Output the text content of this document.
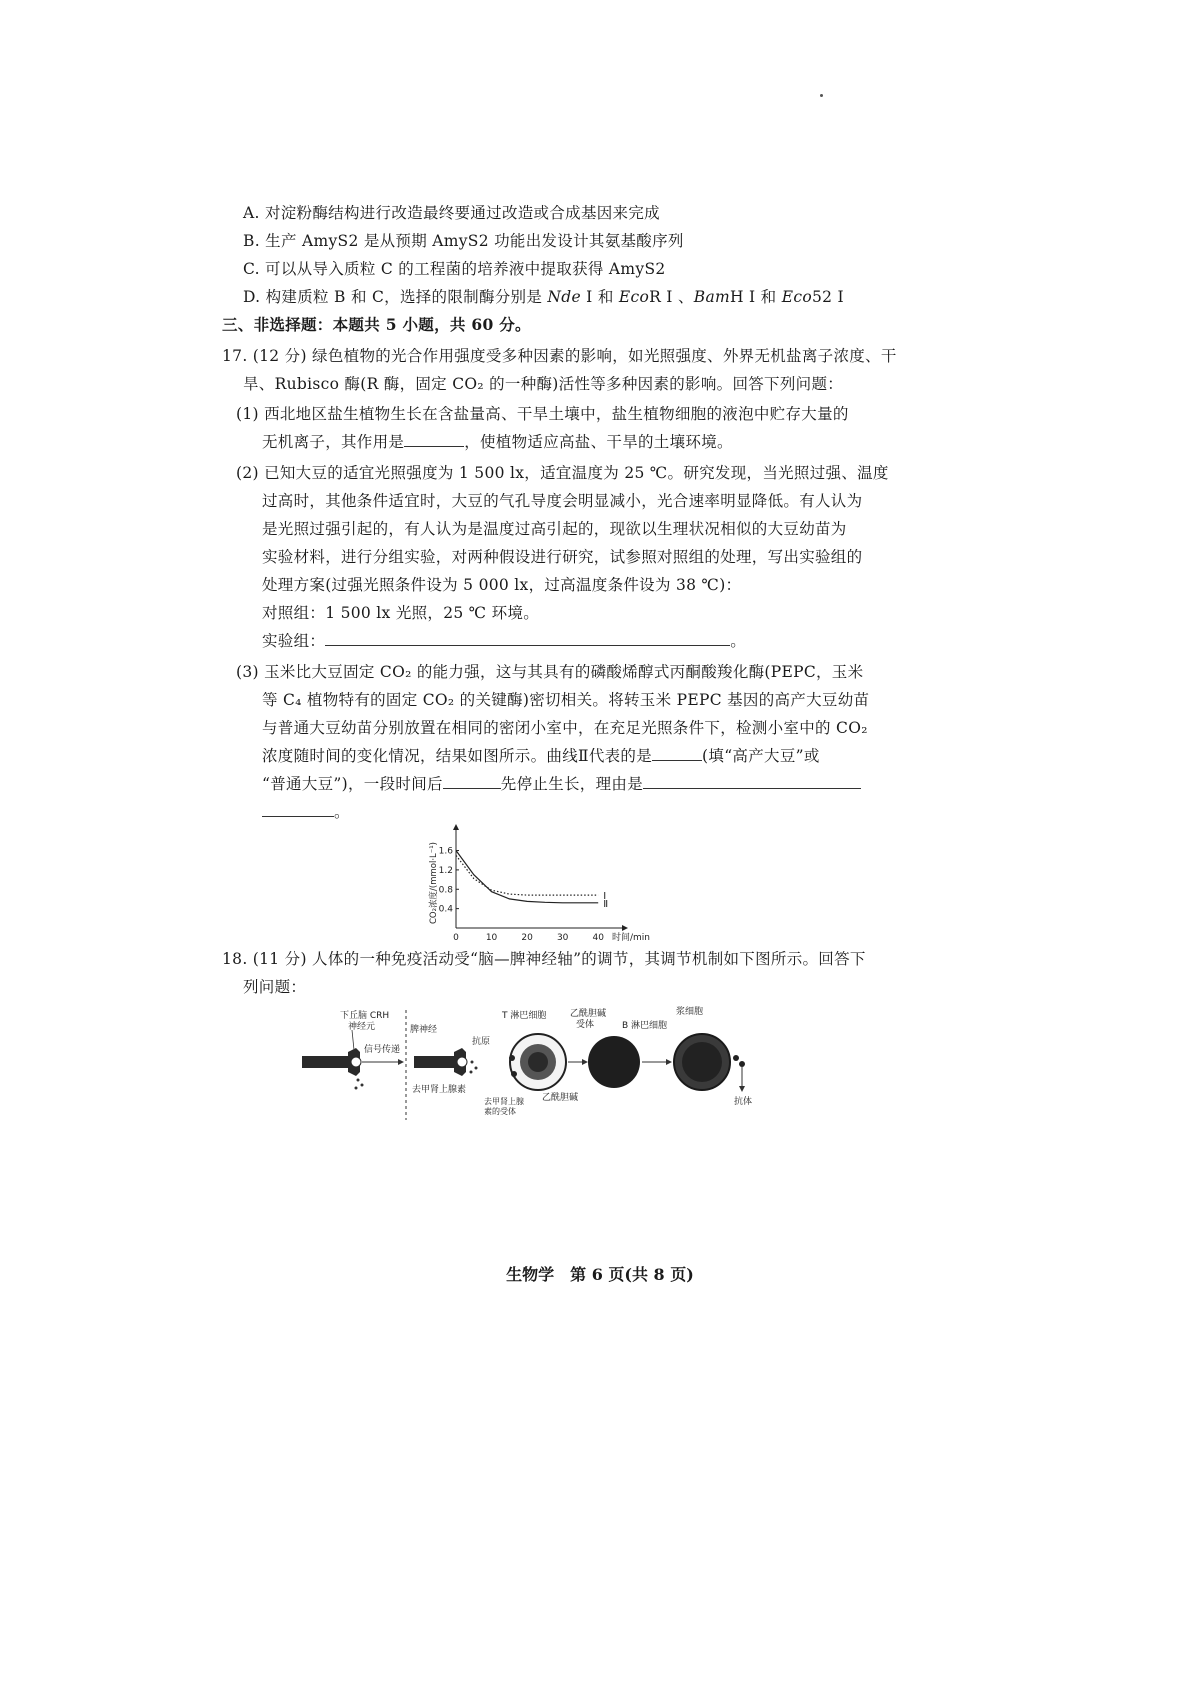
A. 对淀粉酶结构进行改造最终要通过改造或合成基因来完成
B. 生产 AmyS2 是从预期 AmyS2 功能出发设计其氨基酸序列
C. 可以从导入质粒 C 的工程菌的培养液中提取获得 AmyS2
D. 构建质粒 B 和 C，选择的限制酶分别是 Nde Ⅰ 和 EcoR Ⅰ 、BamH Ⅰ 和 Eco52 Ⅰ
三、非选择题：本题共 5 小题，共 60 分。
17. (12 分) 绿色植物的光合作用强度受多种因素的影响，如光照强度、外界无机盐离子浓度、干
旱、Rubisco 酶(R 酶，固定 CO₂ 的一种酶)活性等多种因素的影响。回答下列问题：
(1) 西北地区盐生植物生长在含盐量高、干旱土壤中，盐生植物细胞的液泡中贮存大量的
无机离子，其作用是	，使植物适应高盐、干旱的土壤环境。
(2) 已知大豆的适宜光照强度为 1 500 lx，适宜温度为 25 ℃。研究发现，当光照过强、温度
过高时，其他条件适宜时，大豆的气孔导度会明显减小，光合速率明显降低。有人认为
是光照过强引起的，有人认为是温度过高引起的，现欲以生理状况相似的大豆幼苗为
实验材料，进行分组实验，对两种假设进行研究，试参照对照组的处理，写出实验组的
处理方案(过强光照条件设为 5 000 lx，过高温度条件设为 38 ℃)：
对照组：1 500 lx 光照，25 ℃ 环境。
实验组：	。
(3) 玉米比大豆固定 CO₂ 的能力强，这与其具有的磷酸烯醇式丙酮酸羧化酶(PEPC，玉米
等 C₄ 植物特有的固定 CO₂ 的关键酶)密切相关。将转玉米 PEPC 基因的高产大豆幼苗
与普通大豆幼苗分别放置在相同的密闭小室中，在充足光照条件下，检测小室中的 CO₂
浓度随时间的变化情况，结果如图所示。曲线Ⅱ代表的是	(填“高产大豆”或
“普通大豆”)，一段时间后	先停止生长，理由是
。
0	10	20	30	40
0.4
0.8
1.2
1.6
时间/min
CO₂浓度/(mmol·L⁻¹)	Ⅰ
Ⅱ
18. (11 分) 人体的一种免疫活动受“脑—脾神经轴”的调节，其调节机制如下图所示。回答下
列问题：
下丘脑 CRH
神经元
信号传递
脾神经
去甲肾上腺素
T 淋巴细胞
抗原
去甲肾上腺
素的受体
乙酰胆碱
乙酰胆碱
受体	B 淋巴细胞
浆细胞
抗体
生物学　第 6 页(共 8 页)
